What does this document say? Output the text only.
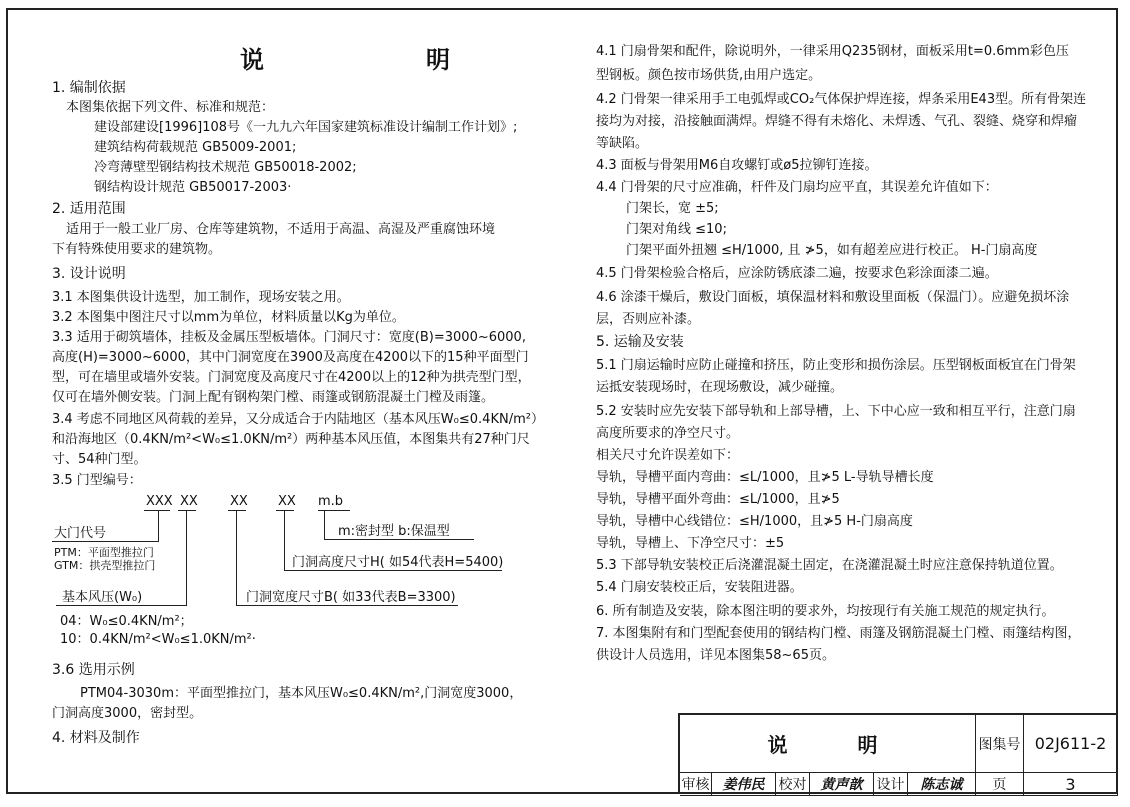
说　　明
1. 编制依据
本图集依据下列文件、标准和规范：
建设部建设[1996]108号《一九九六年国家建筑标准设计编制工作计划》;
建筑结构荷载规范 GB5009-2001;
冷弯薄壁型钢结构技术规范 GB50018-2002;
钢结构设计规范 GB50017-2003·
2. 适用范围
适用于一般工业厂房、仓库等建筑物，不适用于高温、高湿及严重腐蚀环境
下有特殊使用要求的建筑物。
3. 设计说明
3.1 本图集供设计选型，加工制作，现场安装之用。
3.2 本图集中图注尺寸以mm为单位，材料质量以Kg为单位。
3.3 适用于砌筑墙体，挂板及金属压型板墙体。门洞尺寸：宽度(B)=3000~6000,
高度(H)=3000~6000，其中门洞宽度在3900及高度在4200以下的15种平面型门
型，可在墙里或墙外安装。门洞宽度及高度尺寸在4200以上的12种为拱壳型门型，
仅可在墙外侧安装。门洞上配有钢构架门樘、雨篷或钢筋混凝土门樘及雨篷。
3.4 考虑不同地区风荷载的差异，又分成适合于内陆地区（基本风压W₀≤0.4KN/m²）
和沿海地区（0.4KN/m²<W₀≤1.0KN/m²）两种基本风压值，本图集共有27种门尺
寸、54种门型。
3.5 门型编号：
XXX XX XX XX m.b
m:密封型 b:保温型
门洞高度尺寸H( 如54代表H=5400)
门洞宽度尺寸B( 如33代表B=3300)
大门代号
PTM：平面型推拉门
GTM：拱壳型推拉门
基本风压(W₀)
04：W₀≤0.4KN/m²；
10：0.4KN/m²<W₀≤1.0KN/m²·
3.6 选用示例
PTM04-3030m：平面型推拉门，基本风压W₀≤0.4KN/m²,门洞宽度3000，
门洞高度3000，密封型。
4. 材料及制作
4.1 门扇骨架和配件，除说明外，一律采用Q235钢材，面板采用t=0.6mm彩色压
型钢板。颜色按市场供货,由用户选定。
4.2 门骨架一律采用手工电弧焊或CO₂气体保护焊连接，焊条采用E43型。所有骨架连
接均为对接，沿接触面满焊。焊缝不得有未熔化、未焊透、气孔、裂缝、烧穿和焊瘤
等缺陷。
4.3 面板与骨架用M6自攻螺钉或ø5拉铆钉连接。
4.4 门骨架的尺寸应准确，杆件及门扇均应平直，其误差允许值如下：
门架长，宽 ±5;
门架对角线 ≤10;
门架平面外扭翘 ≤H/1000, 且 ≯5，如有超差应进行校正。 H-门扇高度
4.5 门骨架检验合格后，应涂防锈底漆二遍，按要求色彩涂面漆二遍。
4.6 涂漆干燥后，敷设门面板，填保温材料和敷设里面板（保温门）。应避免损坏涂
层，否则应补漆。
5. 运输及安装
5.1 门扇运输时应防止碰撞和挤压，防止变形和损伤涂层。压型钢板面板宜在门骨架
运抵安装现场时，在现场敷设，减少碰撞。
5.2 安装时应先安装下部导轨和上部导槽，上、下中心应一致和相互平行，注意门扇
高度所要求的净空尺寸。
相关尺寸允许误差如下：
导轨，导槽平面内弯曲：≤L/1000，且≯5 L-导轨导槽长度
导轨，导槽平面外弯曲：≤L/1000，且≯5
导轨，导槽中心线错位：≤H/1000，且≯5 H-门扇高度
导轨，导槽上、下净空尺寸：±5
5.3 下部导轨安装校正后浇灌混凝土固定，在浇灌混凝土时应注意保持轨道位置。
5.4 门扇安装校正后，安装阻进器。
6. 所有制造及安装，除本图注明的要求外，均按现行有关施工规范的规定执行。
7. 本图集附有和门型配套使用的钢结构门樘、雨篷及钢筋混凝土门樘、雨篷结构图，
供设计人员选用，详见本图集58~65页。
说　　明	图集号 02J611-2
审核 姜伟民	校对	黄声歆	设计	陈志诚	页	3
